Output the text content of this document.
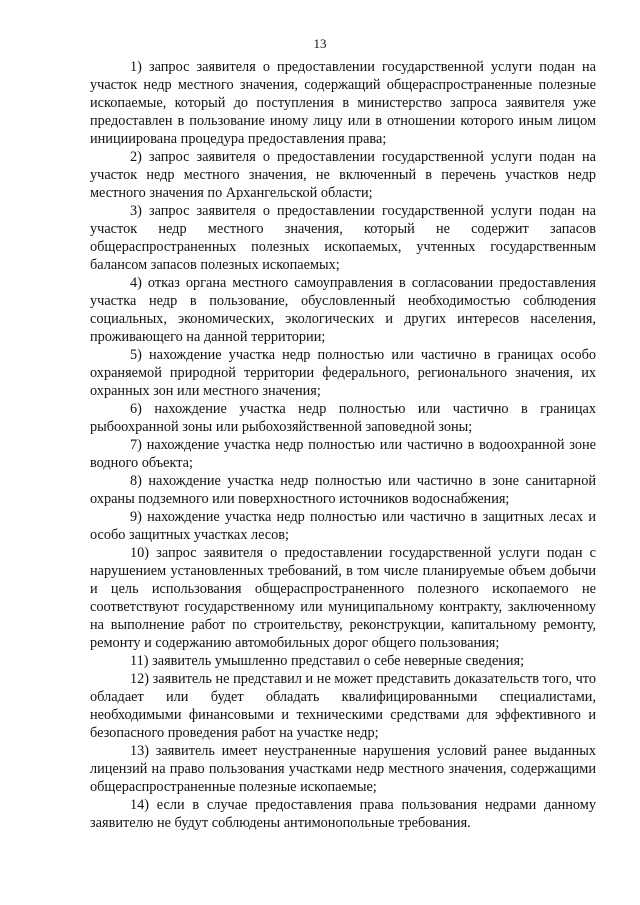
13

1) запрос заявителя о предоставлении государственной услуги подан на участок недр местного значения, содержащий общераспространенные полезные ископаемые, который до поступления в министерство запроса заявителя уже предоставлен в пользование иному лицу или в отношении которого иным лицом инициирована процедура предоставления права;

2) запрос заявителя о предоставлении государственной услуги подан на участок недр местного значения, не включенный в перечень участков недр местного значения по Архангельской области;

3) запрос заявителя о предоставлении государственной услуги подан на участок недр местного значения, который не содержит запасов общераспространенных полезных ископаемых, учтенных государственным балансом запасов полезных ископаемых;

4) отказ органа местного самоуправления в согласовании предоставления участка недр в пользование, обусловленный необходимостью соблюдения социальных, экономических, экологических и других интересов населения, проживающего на данной территории;

5) нахождение участка недр полностью или частично в границах особо охраняемой природной территории федерального, регионального значения, их охранных зон или местного значения;

6) нахождение участка недр полностью или частично в границах рыбоохранной зоны или рыбохозяйственной заповедной зоны;

7) нахождение участка недр полностью или частично в водоохранной зоне водного объекта;

8) нахождение участка недр полностью или частично в зоне санитарной охраны подземного или поверхностного источников водоснабжения;

9) нахождение участка недр полностью или частично в защитных лесах и особо защитных участках лесов;

10) запрос заявителя о предоставлении государственной услуги подан с нарушением установленных требований, в том числе планируемые объем добычи и цель использования общераспространенного полезного ископаемого не соответствуют государственному или муниципальному контракту, заключенному на выполнение работ по строительству, реконструкции, капитальному ремонту, ремонту и содержанию автомобильных дорог общего пользования;

11) заявитель умышленно представил о себе неверные сведения;

12) заявитель не представил и не может представить доказательств того, что обладает или будет обладать квалифицированными специалистами, необходимыми финансовыми и техническими средствами для эффективного и безопасного проведения работ на участке недр;

13) заявитель имеет неустраненные нарушения условий ранее выданных лицензий на право пользования участками недр местного значения, содержащими общераспространенные полезные ископаемые;

14) если в случае предоставления права пользования недрами данному заявителю не будут соблюдены антимонопольные требования.
